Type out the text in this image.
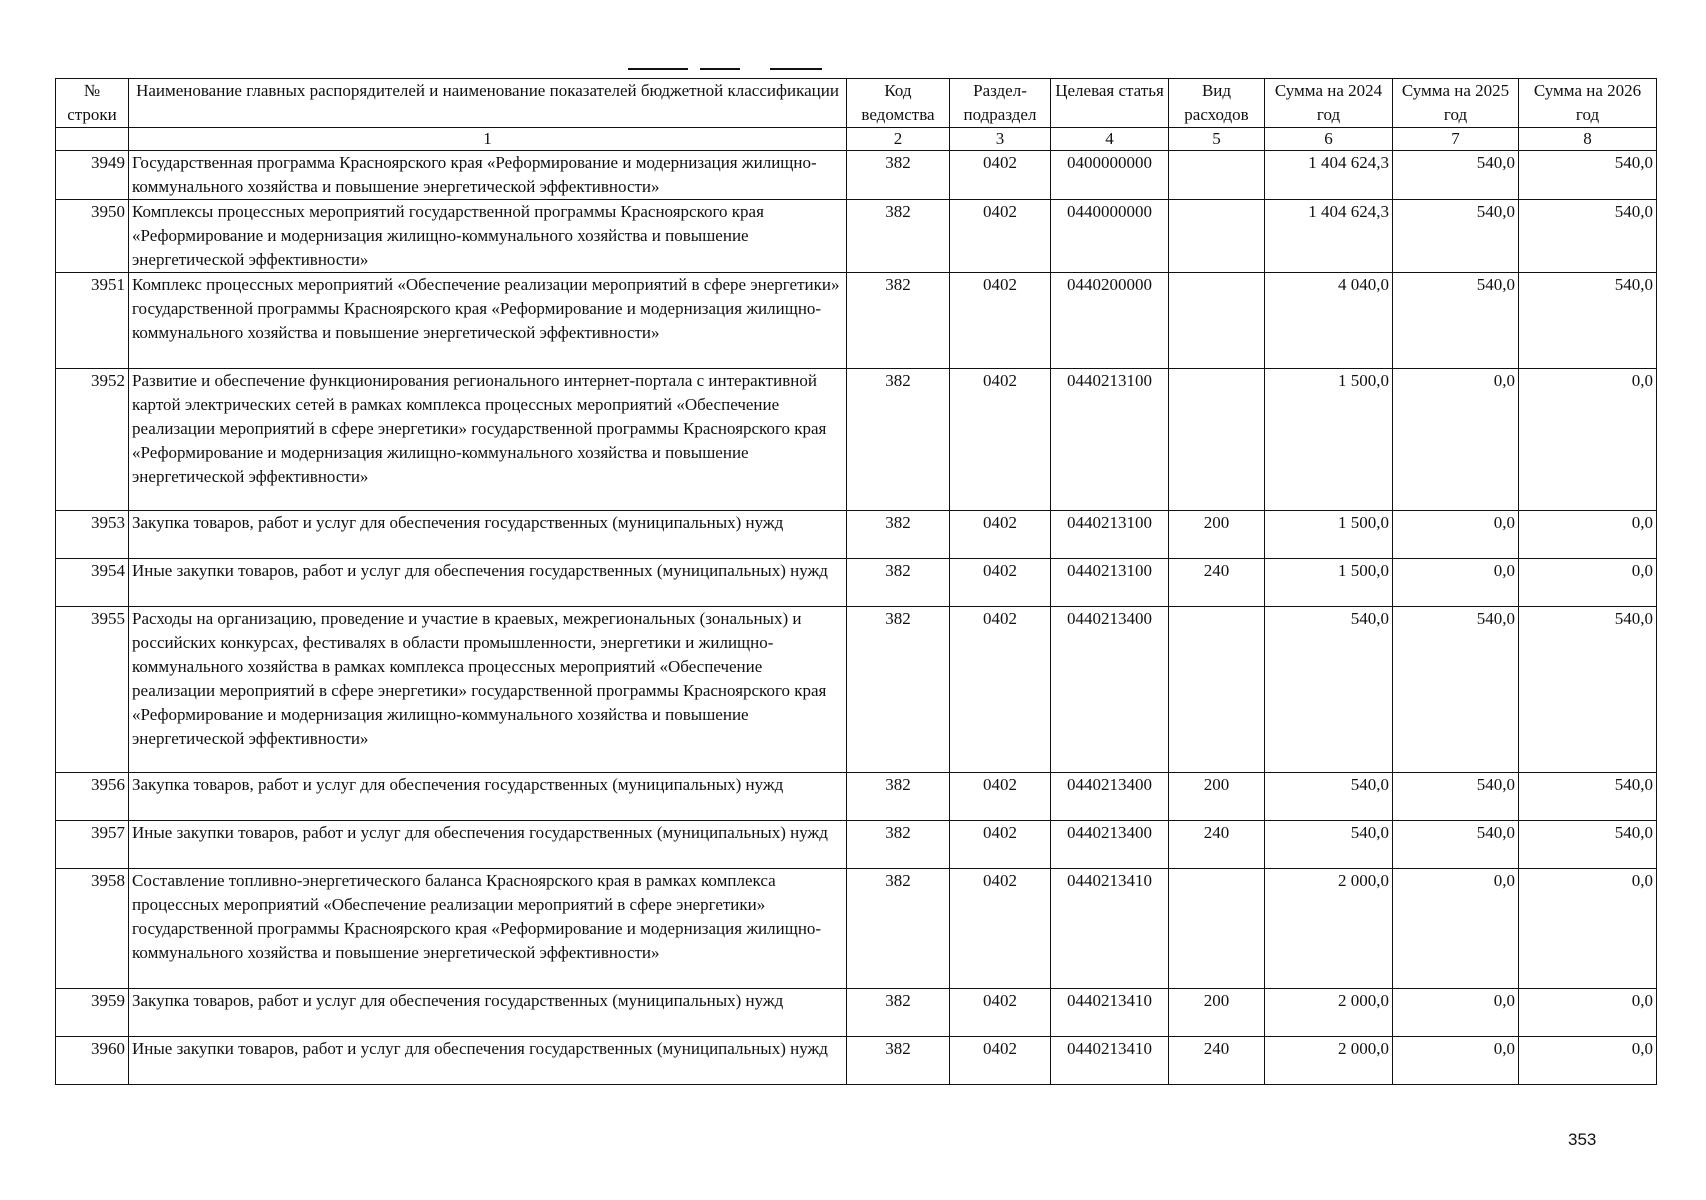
№ строки	Наименование главных распорядителей и наименование показателей бюджетной классификации	Код ведомства	Раздел-подраздел	Целевая статья	Вид расходов	Сумма на 2024 год	Сумма на 2025 год	Сумма на 2026 год
	1	2	3	4	5	6	7	8
3949	Государственная программа Красноярского края «Реформирование и модернизация жилищно-коммунального хозяйства и повышение энергетической эффективности»	382	0402	0400000000		1 404 624,3	540,0	540,0
3950	Комплексы процессных мероприятий государственной программы Красноярского края «Реформирование и модернизация жилищно-коммунального хозяйства и повышение энергетической эффективности»	382	0402	0440000000		1 404 624,3	540,0	540,0
3951	Комплекс процессных мероприятий «Обеспечение реализации мероприятий в сфере энергетики» государственной программы Красноярского края «Реформирование и модернизация жилищно-коммунального хозяйства и повышение энергетической эффективности»	382	0402	0440200000		4 040,0	540,0	540,0
3952	Развитие и обеспечение функционирования регионального интернет-портала с интерактивной картой электрических сетей в рамках комплекса процессных мероприятий «Обеспечение реализации мероприятий в сфере энергетики» государственной программы Красноярского края «Реформирование и модернизация жилищно-коммунального хозяйства и повышение энергетической эффективности»	382	0402	0440213100		1 500,0	0,0	0,0
3953	Закупка товаров, работ и услуг для обеспечения государственных (муниципальных) нужд	382	0402	0440213100	200	1 500,0	0,0	0,0
3954	Иные закупки товаров, работ и услуг для обеспечения государственных (муниципальных) нужд	382	0402	0440213100	240	1 500,0	0,0	0,0
3955	Расходы на организацию, проведение и участие в краевых, межрегиональных (зональных) и российских конкурсах, фестивалях в области промышленности, энергетики и жилищно-коммунального хозяйства в рамках комплекса процессных мероприятий «Обеспечение реализации мероприятий в сфере энергетики» государственной программы Красноярского края «Реформирование и модернизация жилищно-коммунального хозяйства и повышение энергетической эффективности»	382	0402	0440213400		540,0	540,0	540,0
3956	Закупка товаров, работ и услуг для обеспечения государственных (муниципальных) нужд	382	0402	0440213400	200	540,0	540,0	540,0
3957	Иные закупки товаров, работ и услуг для обеспечения государственных (муниципальных) нужд	382	0402	0440213400	240	540,0	540,0	540,0
3958	Составление топливно-энергетического баланса Красноярского края в рамках комплекса процессных мероприятий «Обеспечение реализации мероприятий в сфере энергетики» государственной программы Красноярского края «Реформирование и модернизация жилищно-коммунального хозяйства и повышение энергетической эффективности»	382	0402	0440213410		2 000,0	0,0	0,0
3959	Закупка товаров, работ и услуг для обеспечения государственных (муниципальных) нужд	382	0402	0440213410	200	2 000,0	0,0	0,0
3960	Иные закупки товаров, работ и услуг для обеспечения государственных (муниципальных) нужд	382	0402	0440213410	240	2 000,0	0,0	0,0
353
